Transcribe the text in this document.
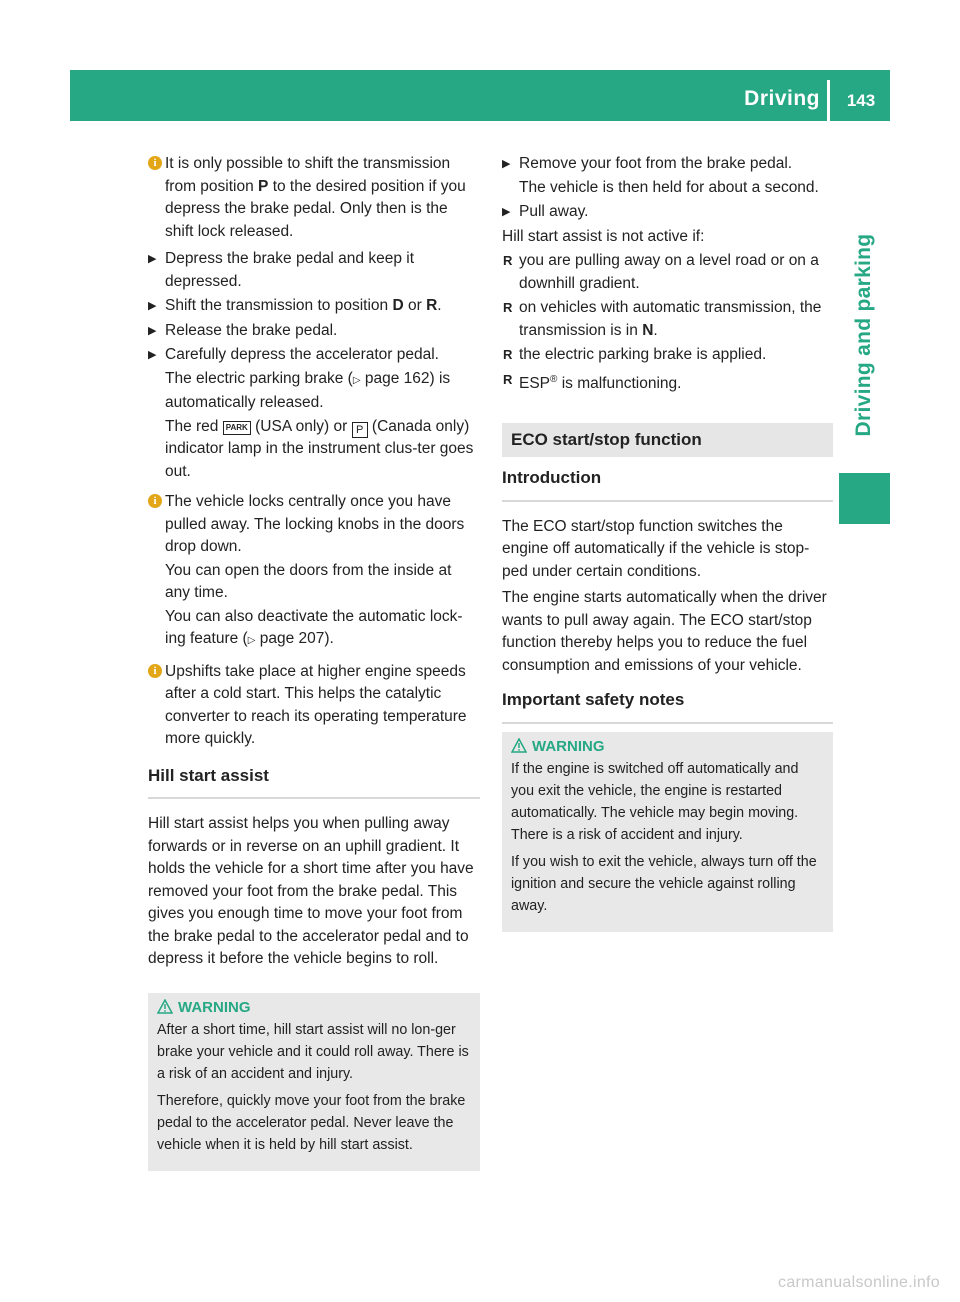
Driving	143
Driving and parking
i It is only possible to shift the transmission from position P to the desired position if you depress the brake pedal. Only then is the shift lock released.

▶ Depress the brake pedal and keep it depressed.

▶ Shift the transmission to position D or R.

▶ Release the brake pedal.

▶ Carefully depress the accelerator pedal.

The electric parking brake (▷ page 162) is automatically released.

The red PARK (USA only) or P (Canada only) indicator lamp in the instrument clus-ter goes out.

i The vehicle locks centrally once you have pulled away. The locking knobs in the doors drop down.

You can open the doors from the inside at any time.

You can also deactivate the automatic lock-ing feature (▷ page 207).

i Upshifts take place at higher engine speeds after a cold start. This helps the catalytic converter to reach its operating temperature more quickly.

Hill start assist

Hill start assist helps you when pulling away forwards or in reverse on an uphill gradient. It holds the vehicle for a short time after you have removed your foot from the brake pedal. This gives you enough time to move your foot from the brake pedal to the accelerator pedal and to depress it before the vehicle begins to roll.

WARNING

After a short time, hill start assist will no lon-ger brake your vehicle and it could roll away. There is a risk of an accident and injury.

Therefore, quickly move your foot from the brake pedal to the accelerator pedal. Never leave the vehicle when it is held by hill start assist.

▶ Remove your foot from the brake pedal.

The vehicle is then held for about a second.

▶ Pull away.

Hill start assist is not active if:

R you are pulling away on a level road or on a downhill gradient.

R on vehicles with automatic transmission, the transmission is in N.

R the electric parking brake is applied.

R ESP® is malfunctioning.

ECO start/stop function
Introduction

The ECO start/stop function switches the engine off automatically if the vehicle is stop-ped under certain conditions.

The engine starts automatically when the driver wants to pull away again. The ECO start/stop function thereby helps you to reduce the fuel consumption and emissions of your vehicle.

Important safety notes
WARNING

If the engine is switched off automatically and you exit the vehicle, the engine is restarted automatically. The vehicle may begin moving. There is a risk of accident and injury.

If you wish to exit the vehicle, always turn off the ignition and secure the vehicle against rolling away.

carmanualsonline.info
